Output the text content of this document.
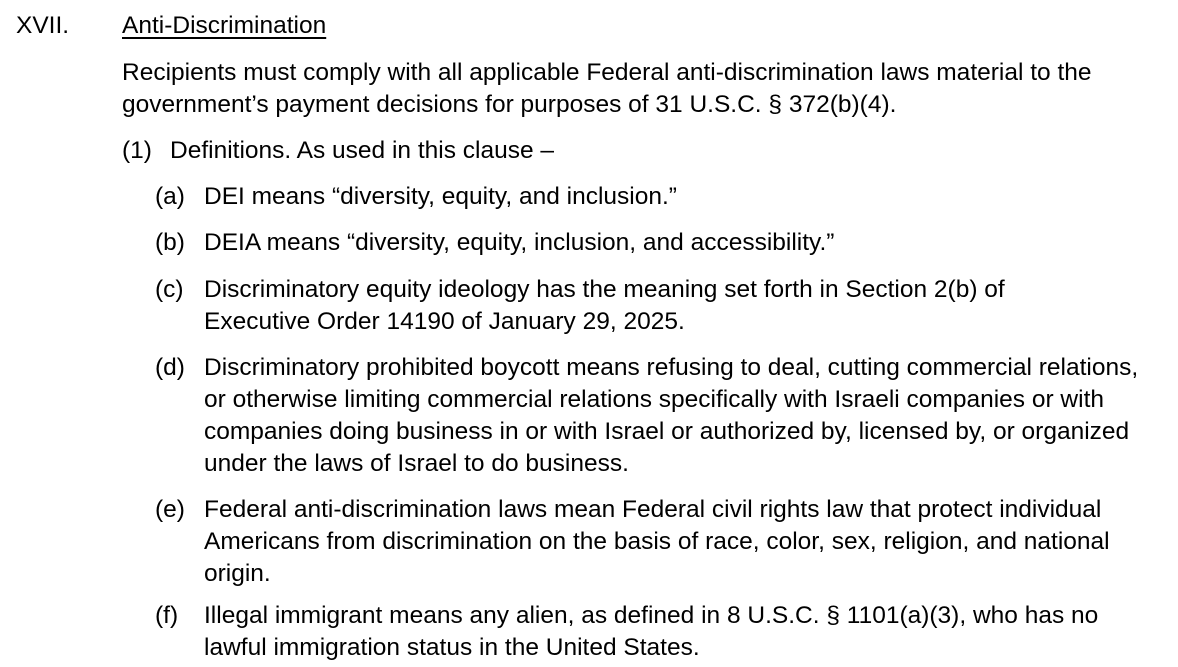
XVII. Anti-Discrimination

Recipients must comply with all applicable Federal anti-discrimination laws material to the government’s payment decisions for purposes of 31 U.S.C. § 372(b)(4).

(1) Definitions. As used in this clause –
(a) DEI means “diversity, equity, and inclusion.”
(b) DEIA means “diversity, equity, inclusion, and accessibility.”
(c) Discriminatory equity ideology has the meaning set forth in Section 2(b) of Executive Order 14190 of January 29, 2025.
(d) Discriminatory prohibited boycott means refusing to deal, cutting commercial relations, or otherwise limiting commercial relations specifically with Israeli companies or with companies doing business in or with Israel or authorized by, licensed by, or organized under the laws of Israel to do business.
(e) Federal anti-discrimination laws mean Federal civil rights law that protect individual Americans from discrimination on the basis of race, color, sex, religion, and national origin.
(f)	Illegal immigrant means any alien, as defined in 8 U.S.C. § 1101(a)(3), who has no lawful immigration status in the United States.
